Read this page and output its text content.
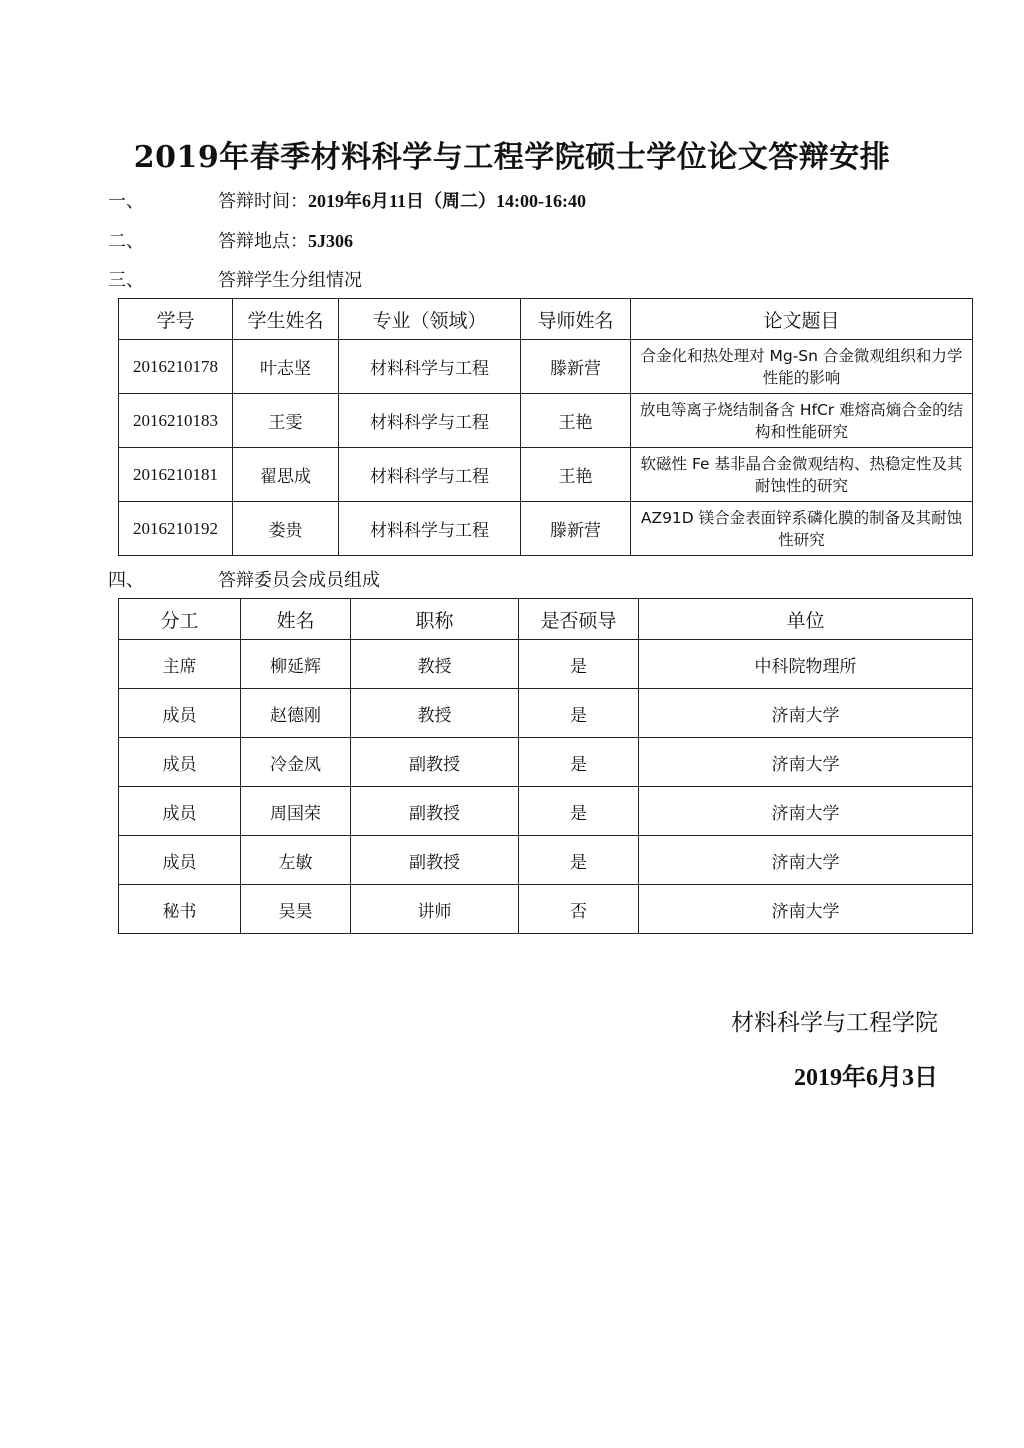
2019年春季材料科学与工程学院硕士学位论文答辩安排
一、	答辩时间：2019年6月11日（周二）14:00-16:40
二、	答辩地点：5J306
三、	答辩学生分组情况
学号	学生姓名	专业（领域）	导师姓名	论文题目
2016210178	叶志坚	材料科学与工程	滕新营	合金化和热处理对 Mg-Sn 合金微观组织和力学性能的影响
2016210183	王雯	材料科学与工程	王艳	放电等离子烧结制备含 HfCr 难熔高熵合金的结构和性能研究
2016210181	翟思成	材料科学与工程	王艳	软磁性 Fe 基非晶合金微观结构、热稳定性及其耐蚀性的研究
2016210192	娄贵	材料科学与工程	滕新营	AZ91D 镁合金表面锌系磷化膜的制备及其耐蚀性研究
四、	答辩委员会成员组成
分工	姓名	职称	是否硕导	单位
主席	柳延辉	教授	是	中科院物理所
成员	赵德刚	教授	是	济南大学
成员	冷金凤	副教授	是	济南大学
成员	周国荣	副教授	是	济南大学
成员	左敏	副教授	是	济南大学
秘书	吴昊	讲师	否	济南大学
材料科学与工程学院
2019年6月3日
